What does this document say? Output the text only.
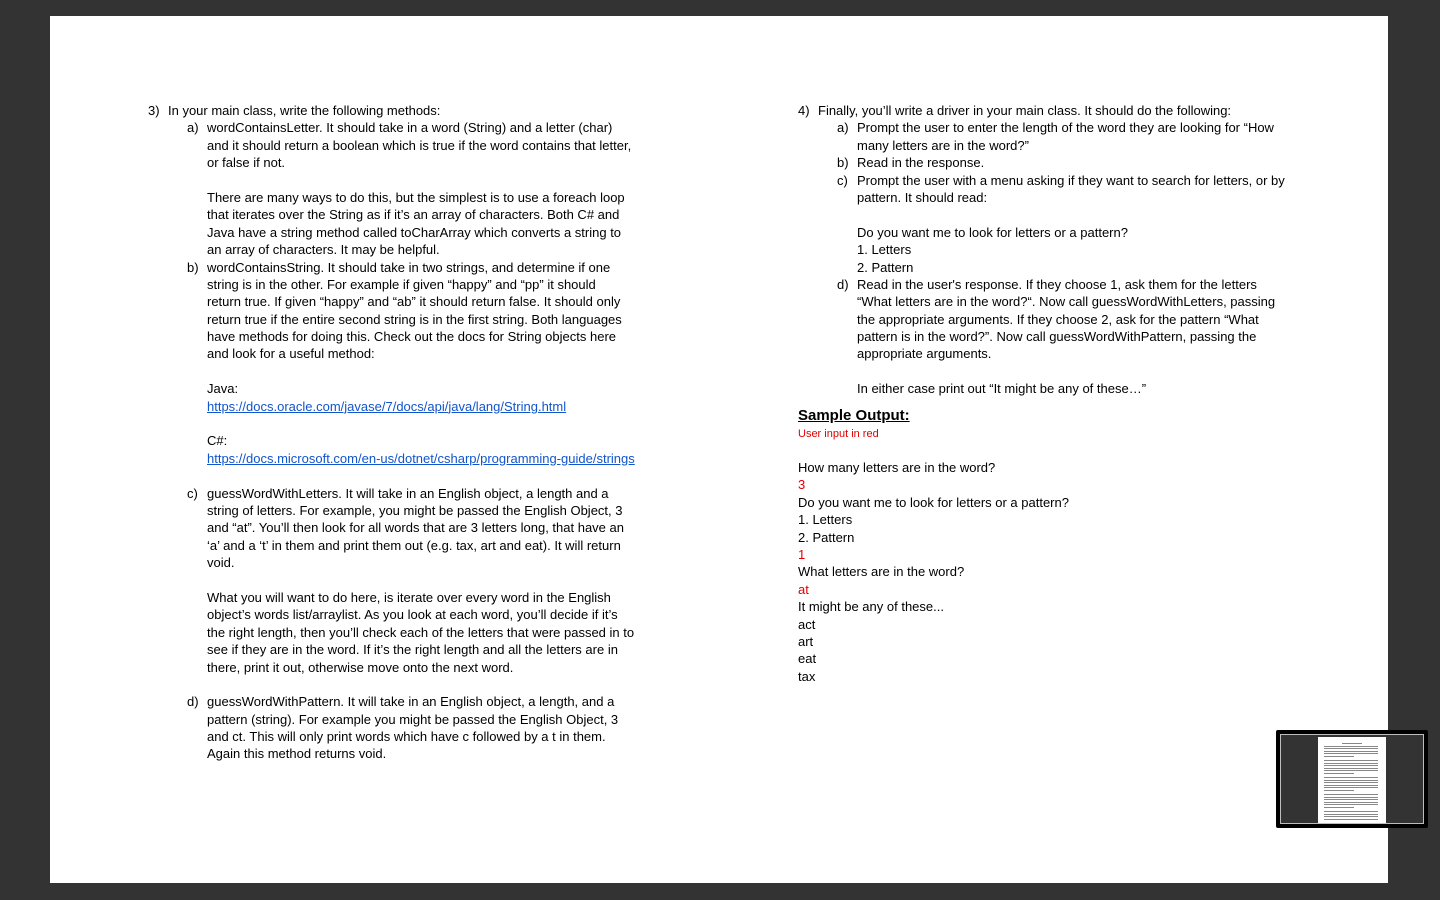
3) In your main class, write the following methods:
a) wordContainsLetter. It should take in a word (String) and a letter (char)
and it should return a boolean which is true if the word contains that letter,
or false if not.
There are many ways to do this, but the simplest is to use a foreach loop
that iterates over the String as if it’s an array of characters. Both C# and
Java have a string method called toCharArray which converts a string to
an array of characters. It may be helpful.
b) wordContainsString. It should take in two strings, and determine if one
string is in the other. For example if given “happy” and “pp” it should
return true. If given “happy” and “ab” it should return false. It should only
return true if the entire second string is in the first string. Both languages
have methods for doing this. Check out the docs for String objects here
and look for a useful method:
Java:
https://docs.oracle.com/javase/7/docs/api/java/lang/String.html
C#:
https://docs.microsoft.com/en-us/dotnet/csharp/programming-guide/strings
c) guessWordWithLetters. It will take in an English object, a length and a
string of letters. For example, you might be passed the English Object, 3
and “at”. You’ll then look for all words that are 3 letters long, that have an
‘a’ and a ‘t’ in them and print them out (e.g. tax, art and eat). It will return
void.
What you will want to do here, is iterate over every word in the English
object’s words list/arraylist. As you look at each word, you’ll decide if it’s
the right length, then you’ll check each of the letters that were passed in to
see if they are in the word. If it’s the right length and all the letters are in
there, print it out, otherwise move onto the next word.
d) guessWordWithPattern. It will take in an English object, a length, and a
pattern (string). For example you might be passed the English Object, 3
and ct. This will only print words which have c followed by a t in them.
Again this method returns void.
4) Finally, you’ll write a driver in your main class. It should do the following:
a) Prompt the user to enter the length of the word they are looking for “How
many letters are in the word?”
b) Read in the response.
c) Prompt the user with a menu asking if they want to search for letters, or by
pattern. It should read:
Do you want me to look for letters or a pattern?
1. Letters
2. Pattern
d) Read in the user's response. If they choose 1, ask them for the letters
“What letters are in the word?“. Now call guessWordWithLetters, passing
the appropriate arguments. If they choose 2, ask for the pattern “What
pattern is in the word?”. Now call guessWordWithPattern, passing the
appropriate arguments.
In either case print out “It might be any of these…”
Sample Output:
User input in red
How many letters are in the word?
3
Do you want me to look for letters or a pattern?
1. Letters
2. Pattern
1
What letters are in the word?
at
It might be any of these...
act
art
eat
tax
